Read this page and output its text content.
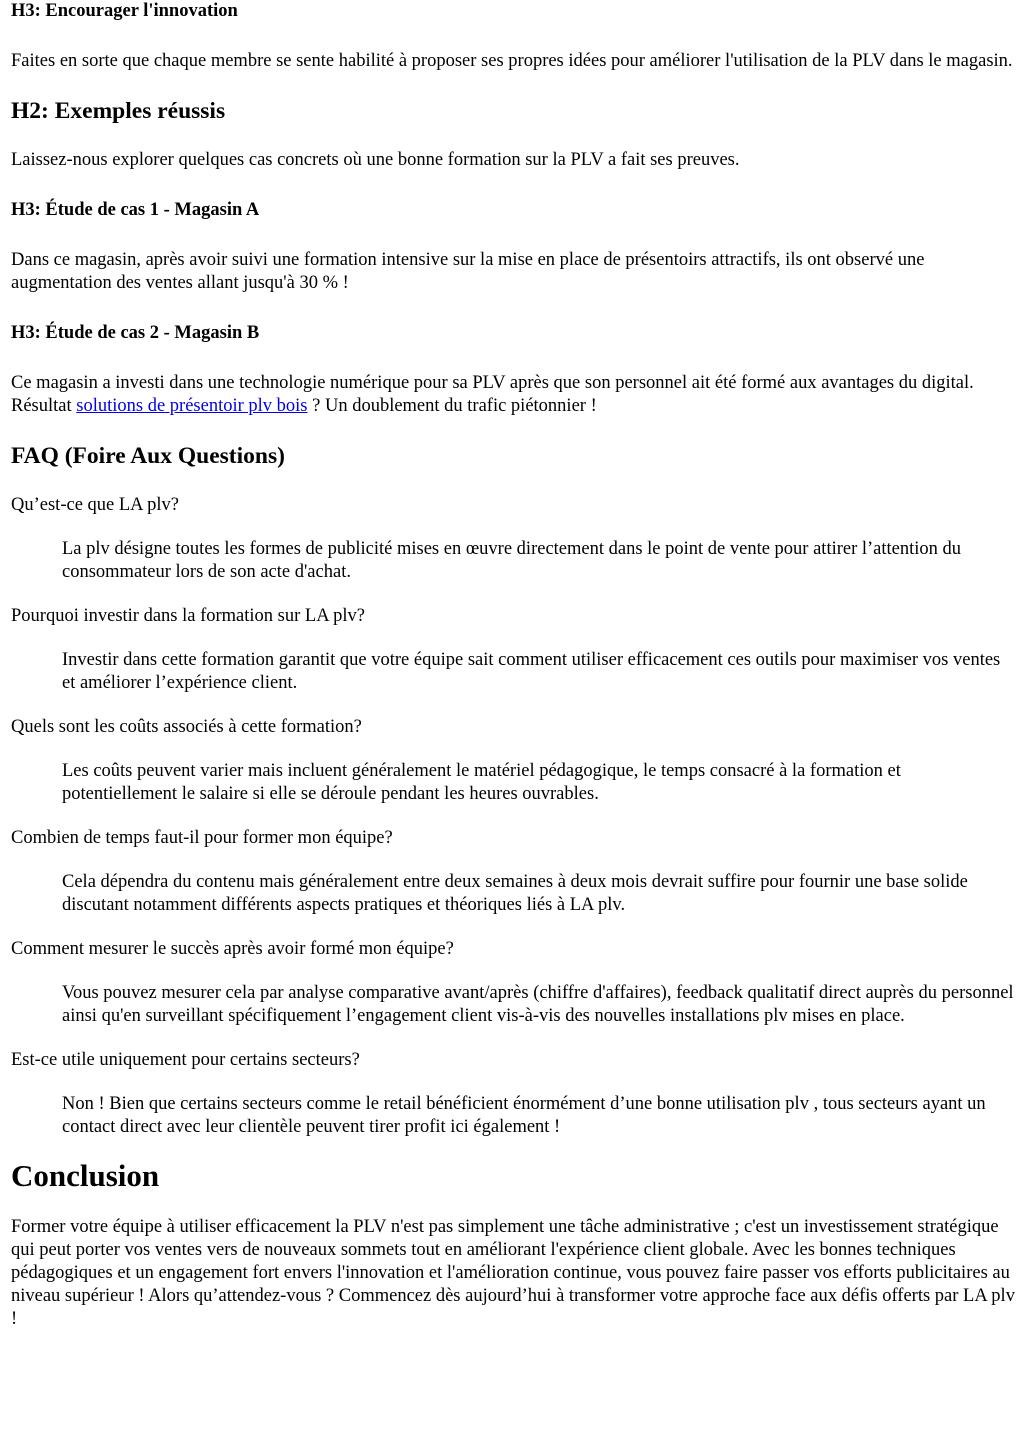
H3: Encourager l'innovation

Faites en sorte que chaque membre se sente habilité à proposer ses propres idées pour améliorer l'utilisation de la PLV dans le magasin.

H2: Exemples réussis

Laissez-nous explorer quelques cas concrets où une bonne formation sur la PLV a fait ses preuves.

H3: Étude de cas 1 - Magasin A

Dans ce magasin, après avoir suivi une formation intensive sur la mise en place de présentoirs attractifs, ils ont observé une augmentation des ventes allant jusqu'à 30 % !

H3: Étude de cas 2 - Magasin B

Ce magasin a investi dans une technologie numérique pour sa PLV après que son personnel ait été formé aux avantages du digital. Résultat solutions de présentoir plv bois ? Un doublement du trafic piétonnier !

FAQ (Foire Aux Questions)
Qu’est-ce que LA plv?
La plv désigne toutes les formes de publicité mises en œuvre directement dans le point de vente pour attirer l’attention du consommateur lors de son acte d'achat.
Pourquoi investir dans la formation sur LA plv?
Investir dans cette formation garantit que votre équipe sait comment utiliser efficacement ces outils pour maximiser vos ventes et améliorer l’expérience client.
Quels sont les coûts associés à cette formation?
Les coûts peuvent varier mais incluent généralement le matériel pédagogique, le temps consacré à la formation et potentiellement le salaire si elle se déroule pendant les heures ouvrables.
Combien de temps faut-il pour former mon équipe?
Cela dépendra du contenu mais généralement entre deux semaines à deux mois devrait suffire pour fournir une base solide discutant notamment différents aspects pratiques et théoriques liés à LA plv.
Comment mesurer le succès après avoir formé mon équipe?
Vous pouvez mesurer cela par analyse comparative avant/après (chiffre d'affaires), feedback qualitatif direct auprès du personnel ainsi qu'en surveillant spécifiquement l’engagement client vis-à-vis des nouvelles installations plv mises en place.
Est-ce utile uniquement pour certains secteurs?
Non ! Bien que certains secteurs comme le retail bénéficient énormément d’une bonne utilisation plv , tous secteurs ayant un contact direct avec leur clientèle peuvent tirer profit ici également !
Conclusion

Former votre équipe à utiliser efficacement la PLV n'est pas simplement une tâche administrative ; c'est un investissement stratégique qui peut porter vos ventes vers de nouveaux sommets tout en améliorant l'expérience client globale. Avec les bonnes techniques pédagogiques et un engagement fort envers l'innovation et l'amélioration continue, vous pouvez faire passer vos efforts publicitaires au niveau supérieur ! Alors qu’attendez-vous ? Commencez dès aujourd’hui à transformer votre approche face aux défis offerts par LA plv !
